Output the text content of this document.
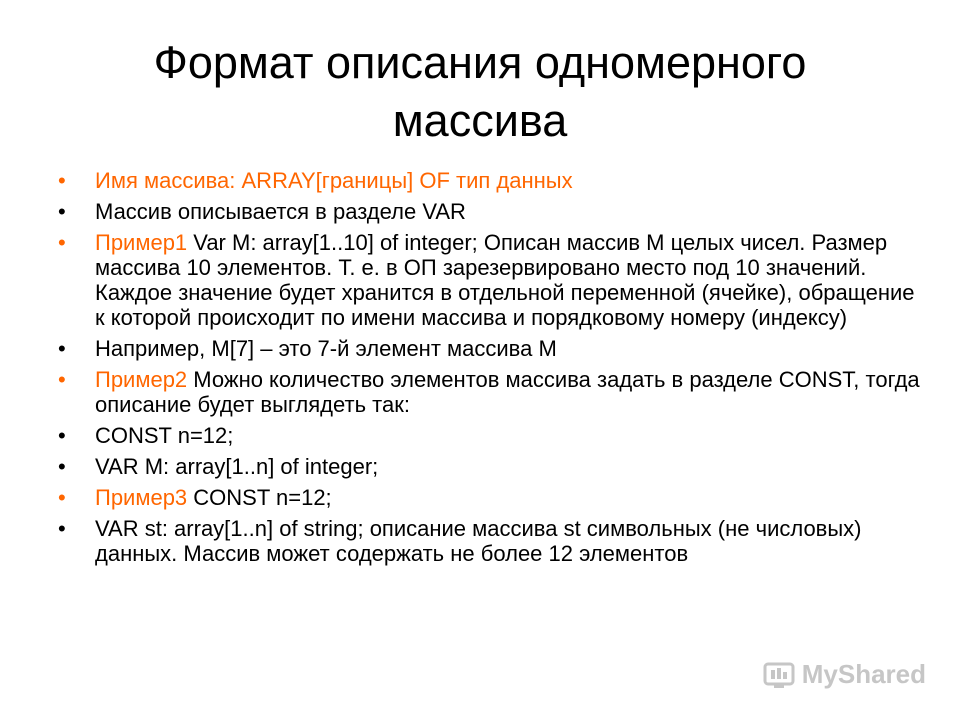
Формат описания одномерного
массива
• Имя массива: ARRAY[границы] OF тип данных
• Массив описывается в разделе VAR
• Пример1 Var M: array[1..10] of integer; Описан массив M целых чисел. Размер массива 10 элементов. Т. е. в ОП зарезервировано место под 10 значений. Каждое значение будет хранится в отдельной переменной (ячейке), обращение к которой происходит по имени массива и порядковому номеру (индексу)
• Например, M[7] – это 7-й элемент массива M
• Пример2 Можно количество элементов массива задать в разделе CONST, тогда описание будет выглядеть так:
• CONST n=12;
• VAR M: array[1..n] of integer;
• Пример3 CONST n=12;
• VAR st: array[1..n] of string; описание массива st символьных (не числовых) данных. Массив может содержать не более 12 элементов
MyShared
